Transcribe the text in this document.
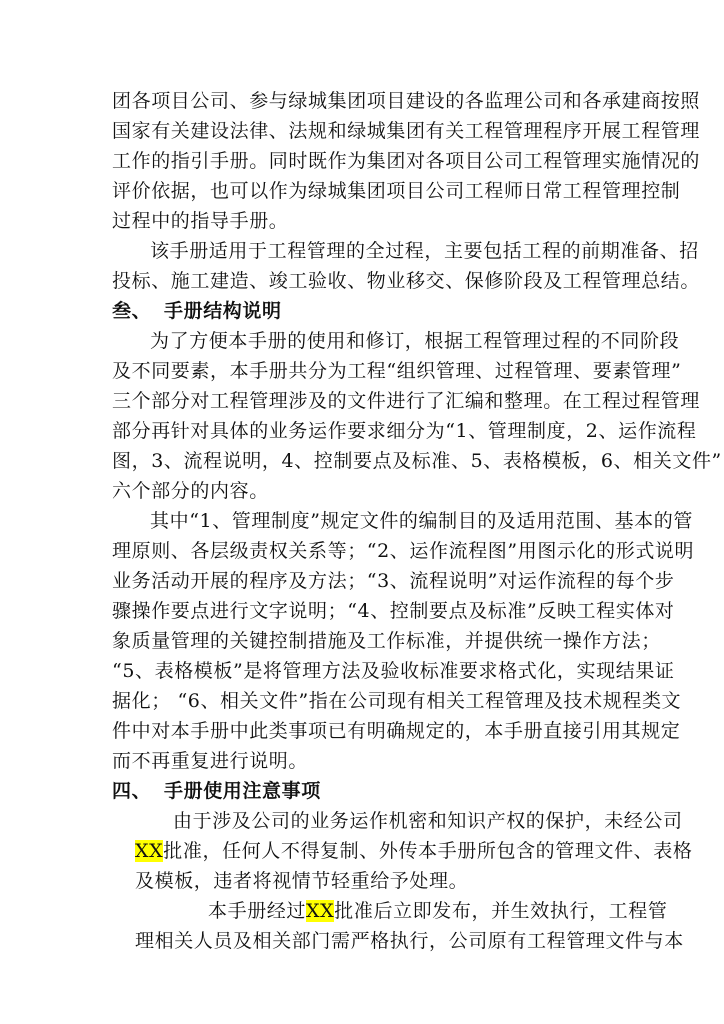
团各项目公司、参与绿城集团项目建设的各监理公司和各承建商按照
国家有关建设法律、法规和绿城集团有关工程管理程序开展工程管理
工作的指引手册。同时既作为集团对各项目公司工程管理实施情况的
评价依据，也可以作为绿城集团项目公司工程师日常工程管理控制
过程中的指导手册。
该手册适用于工程管理的全过程，主要包括工程的前期准备、招
投标、施工建造、竣工验收、物业移交、保修阶段及工程管理总结。
叁、 手册结构说明
为了方便本手册的使用和修订，根据工程管理过程的不同阶段
及不同要素，本手册共分为工程“组织管理、过程管理、要素管理”
三个部分对工程管理涉及的文件进行了汇编和整理。在工程过程管理
部分再针对具体的业务运作要求细分为“1、管理制度，2、运作流程
图，3、流程说明，4、控制要点及标准、5、表格模板，6、相关文件”
六个部分的内容。
其中“1、管理制度”规定文件的编制目的及适用范围、基本的管
理原则、各层级责权关系等；“2、运作流程图”用图示化的形式说明
业务活动开展的程序及方法；“3、流程说明”对运作流程的每个步
骤操作要点进行文字说明；“4、控制要点及标准”反映工程实体对
象质量管理的关键控制措施及工作标准，并提供统一操作方法；
“5、表格模板”是将管理方法及验收标准要求格式化，实现结果证
据化； “6、相关文件”指在公司现有相关工程管理及技术规程类文
件中对本手册中此类事项已有明确规定的，本手册直接引用其规定
而不再重复进行说明。
四、 手册使用注意事项
由于涉及公司的业务运作机密和知识产权的保护，未经公司
XX批准，任何人不得复制、外传本手册所包含的管理文件、表格
及模板，违者将视情节轻重给予处理。
本手册经过XX批准后立即发布，并生效执行，工程管
理相关人员及相关部门需严格执行，公司原有工程管理文件与本
